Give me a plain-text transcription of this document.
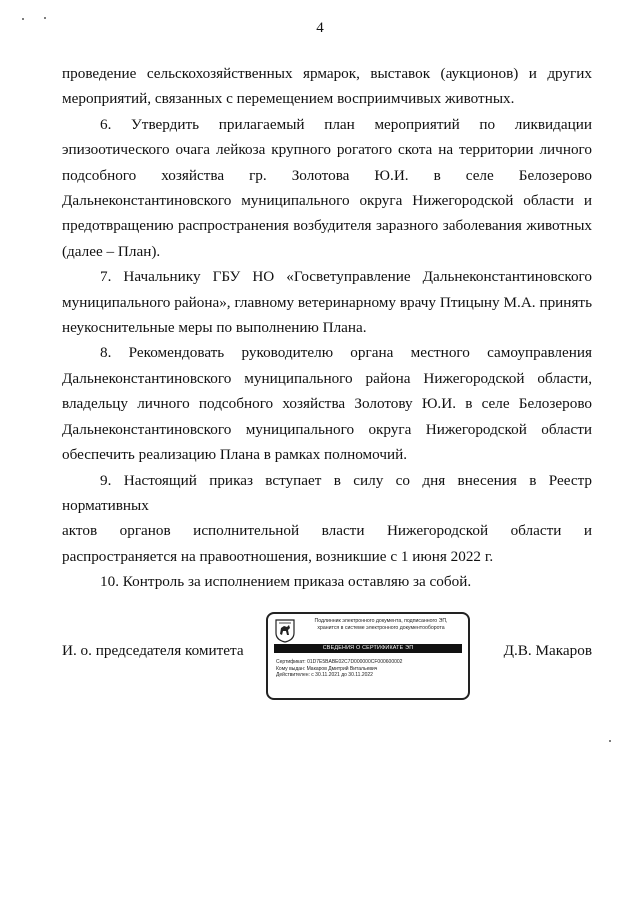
4

проведение сельскохозяйственных ярмарок, выставок (аукционов) и других

мероприятий, связанных с перемещением восприимчивых животных.

6. Утвердить прилагаемый план мероприятий по ликвидации

эпизоотического очага лейкоза крупного рогатого скота на территории личного

подсобного хозяйства гр. Золотова Ю.И. в селе Белозерово

Дальнеконстантиновского муниципального округа Нижегородской области и

предотвращению распространения возбудителя заразного заболевания животных

(далее – План).

7. Начальнику ГБУ НО «Госветуправление Дальнеконстантиновского

муниципального района», главному ветеринарному врачу Птицыну М.А. принять

неукоснительные меры по выполнению Плана.

8. Рекомендовать руководителю органа местного самоуправления

Дальнеконстантиновского муниципального района Нижегородской области,

владельцу личного подсобного хозяйства Золотову Ю.И. в селе Белозерово

Дальнеконстантиновского муниципального округа Нижегородской области

обеспечить реализацию Плана в рамках полномочий.

9. Настоящий приказ вступает в силу со дня внесения в Реестр нормативных

актов органов исполнительной власти Нижегородской области и

распространяется на правоотношения, возникшие с 1 июня 2022 г.

10. Контроль за исполнением приказа оставляю за собой.

И. о. председателя комитета
Подлинник электронного документа, подписанного ЭП,
хранится в системе электронного документооборота
СВЕДЕНИЯ О СЕРТИФИКАТЕ ЭП
Сертификат: 01D7E5BABE02C7D000000CF000600002
Кому выдан: Макаров Дмитрий Витальевич
Действителен: с 30.11.2021 до 30.11.2022
Д.В. Макаров
